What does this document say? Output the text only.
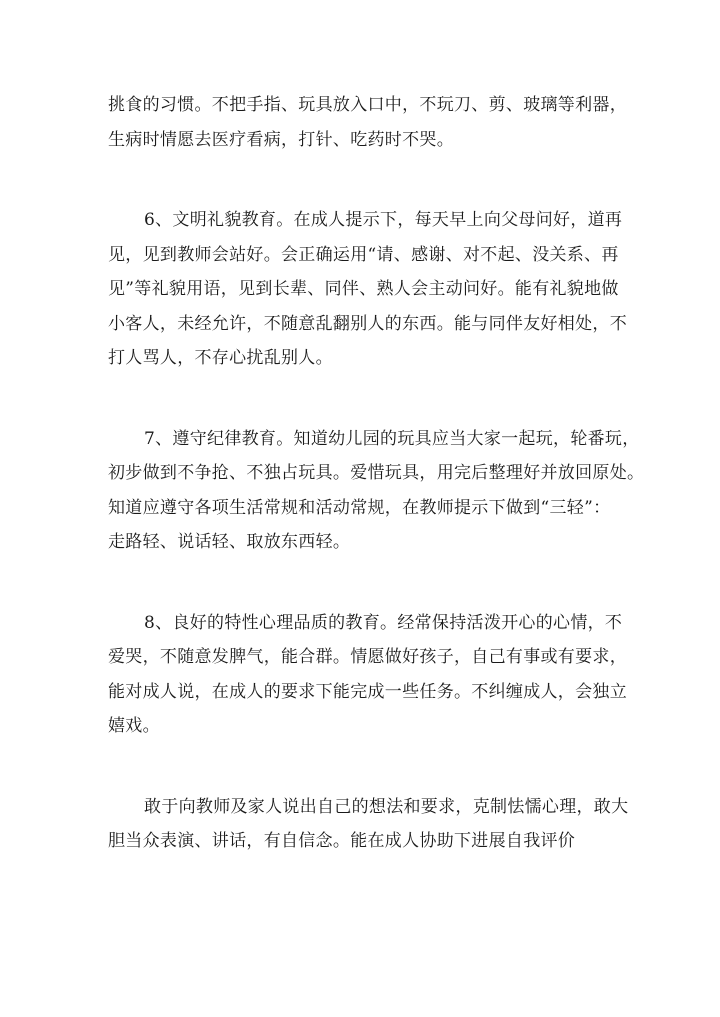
挑食的习惯。不把手指、玩具放入口中，不玩刀、剪、玻璃等利器，
生病时情愿去医疗看病，打针、吃药时不哭。

6、文明礼貌教育。在成人提示下，每天早上向父母问好，道再
见，见到教师会站好。会正确运用“请、感谢、对不起、没关系、再
见”等礼貌用语，见到长辈、同伴、熟人会主动问好。能有礼貌地做
小客人，未经允许，不随意乱翻别人的东西。能与同伴友好相处，不
打人骂人，不存心扰乱别人。

7、遵守纪律教育。知道幼儿园的玩具应当大家一起玩，轮番玩，
初步做到不争抢、不独占玩具。爱惜玩具，用完后整理好并放回原处。
知道应遵守各项生活常规和活动常规，在教师提示下做到“三轻”：
走路轻、说话轻、取放东西轻。

8、良好的特性心理品质的教育。经常保持活泼开心的心情，不
爱哭，不随意发脾气，能合群。情愿做好孩子，自己有事或有要求，
能对成人说，在成人的要求下能完成一些任务。不纠缠成人，会独立
嬉戏。

敢于向教师及家人说出自己的想法和要求，克制怯懦心理，敢大
胆当众表演、讲话，有自信念。能在成人协助下进展自我评价
